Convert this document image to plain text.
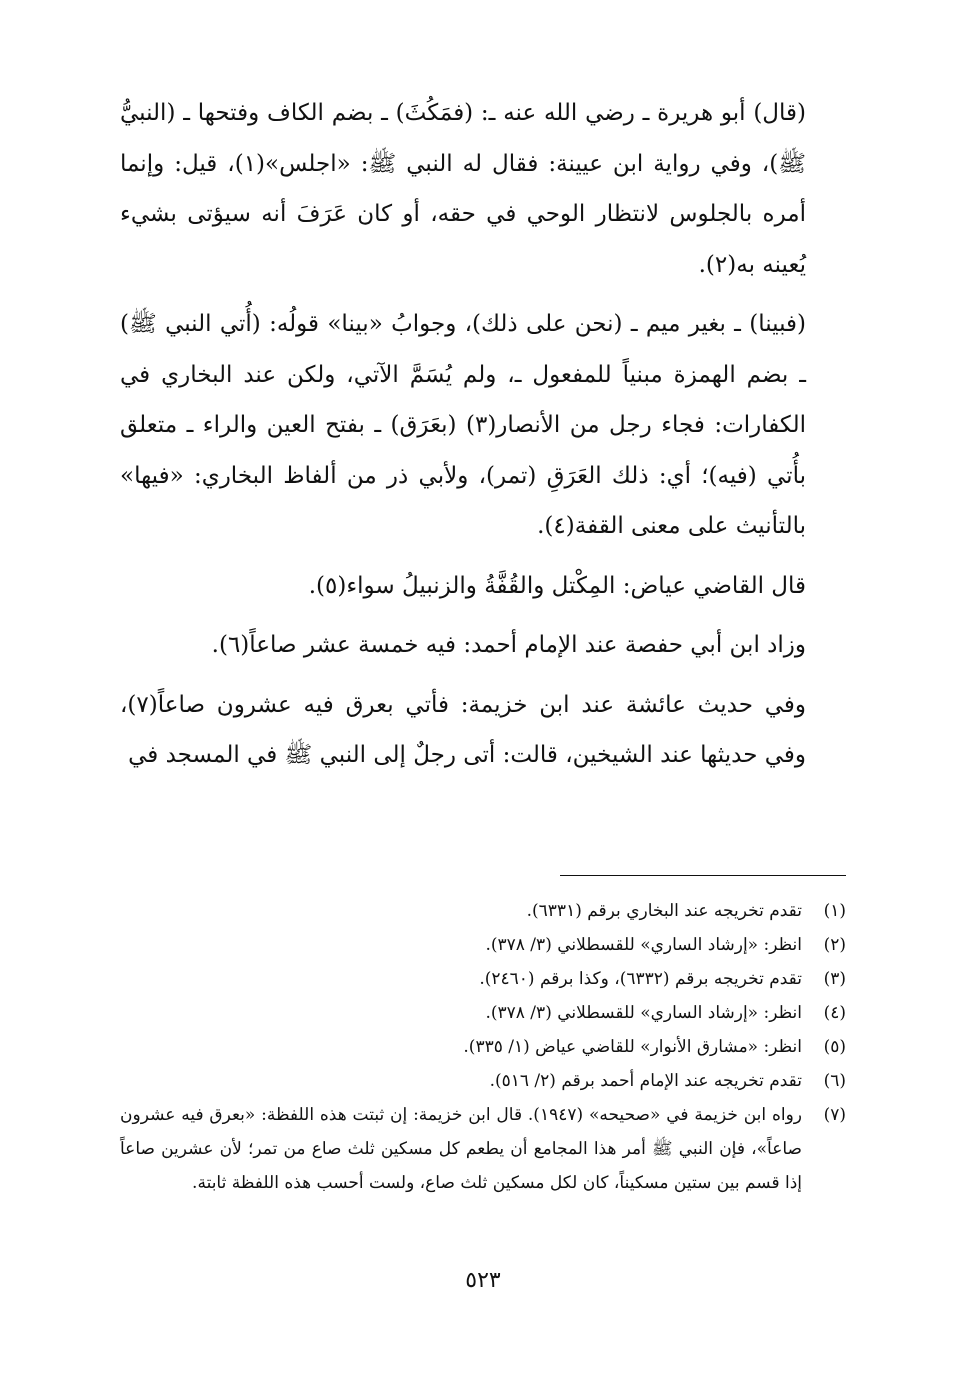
(قال) أبو هريرة ـ رضي الله عنه ـ: (فمَكُثَ) ـ بضم الكاف وفتحها ـ (النبيُّ ﷺ)، وفي رواية ابن عيينة: فقال له النبي ﷺ: «اجلس»(١)، قيل: وإنما أمره بالجلوس لانتظار الوحي في حقه، أو كان عَرَفَ أنه سيؤتى بشيء يُعينه به(٢).

(فبينا) ـ بغير ميم ـ (نحن على ذلك)، وجوابُ «بينا» قولُه: (أُتي النبي ﷺ) ـ بضم الهمزة مبنياً للمفعول ـ، ولم يُسَمَّ الآتي، ولكن عند البخاري في الكفارات: فجاء رجل من الأنصار(٣) (بعَرَق) ـ بفتح العين والراء ـ متعلق بأُتي (فيه)؛ أي: ذلك العَرَقِ (تمر)، ولأبي ذر من ألفاظ البخاري: «فيها» بالتأنيث على معنى القفة(٤).

قال القاضي عياض: المِكْتل والقُفَّةُ والزنبيلُ سواء(٥).

وزاد ابن أبي حفصة عند الإمام أحمد: فيه خمسة عشر صاعاً(٦).

وفي حديث عائشة عند ابن خزيمة: فأتي بعرق فيه عشرون صاعاً(٧)، وفي حديثها عند الشيخين، قالت: أتى رجلٌ إلى النبي ﷺ في المسجد في

(١)
تقدم تخريجه عند البخاري برقم (٦٣٣١).
(٢)
انظر: «إرشاد الساري» للقسطلاني (٣/ ٣٧٨).
(٣)
تقدم تخريجه برقم (٦٣٣٢)، وكذا برقم (٢٤٦٠).
(٤)
انظر: «إرشاد الساري» للقسطلاني (٣/ ٣٧٨).
(٥)
انظر: «مشارق الأنوار» للقاضي عياض (١/ ٣٣٥).
(٦)
تقدم تخريجه عند الإمام أحمد برقم (٢/ ٥١٦).
(٧)
رواه ابن خزيمة في «صحيحه» (١٩٤٧). قال ابن خزيمة: إن ثبتت هذه اللفظة: «بعرق فيه عشرون صاعاً»، فإن النبي ﷺ أمر هذا المجامع أن يطعم كل مسكين ثلث صاع من تمر؛ لأن عشرين صاعاً إذا قسم بين ستين مسكيناً، كان لكل مسكين ثلث صاع، ولست أحسب هذه اللفظة ثابتة.
٥٢٣
